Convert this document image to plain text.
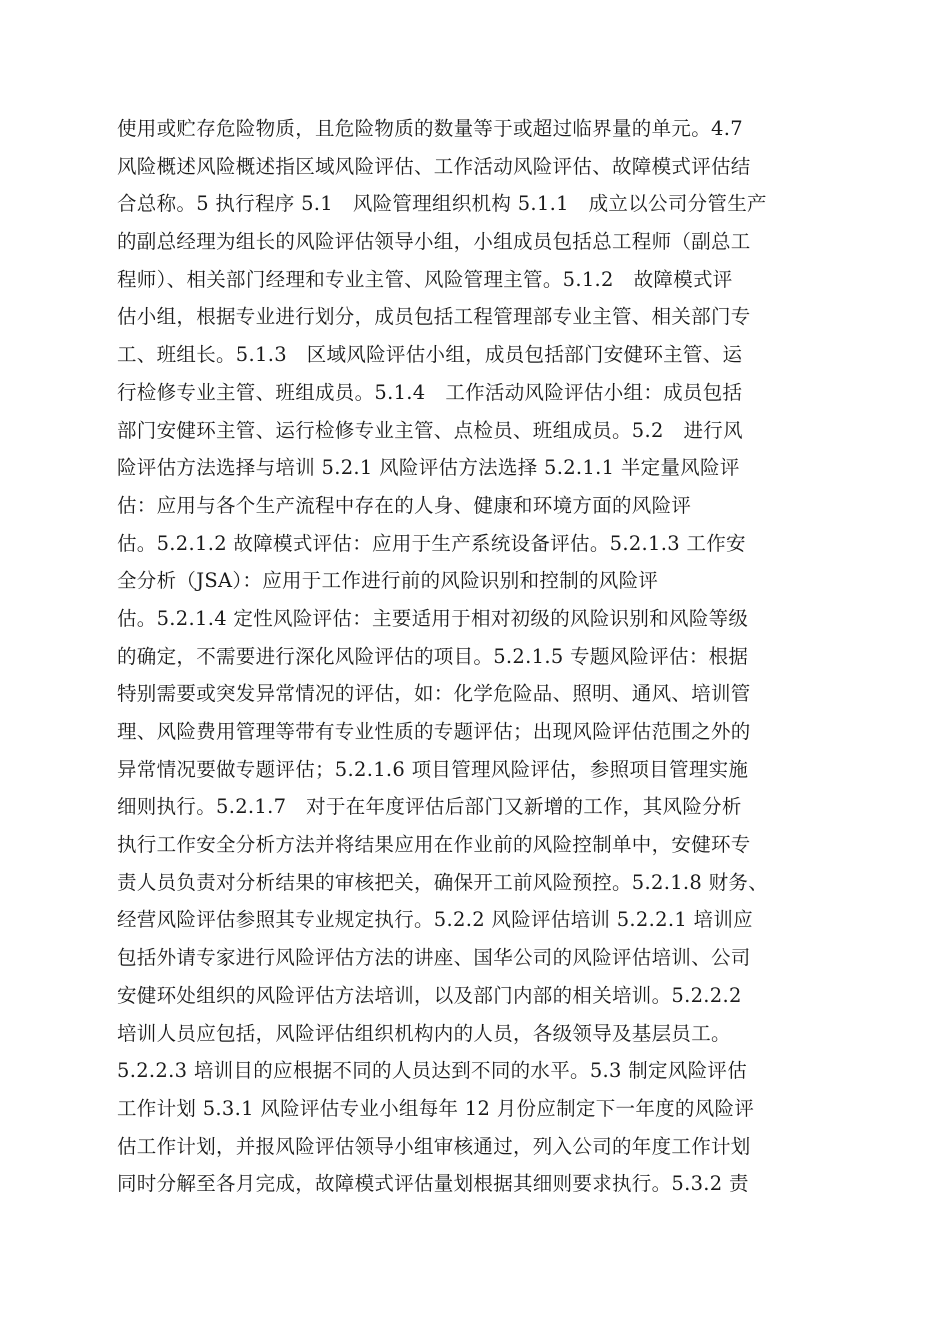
使用或贮存危险物质，且危险物质的数量等于或超过临界量的单元。4.7
风险概述风险概述指区域风险评估、工作活动风险评估、故障模式评估结
合总称。5 执行程序 5.1　风险管理组织机构 5.1.1　成立以公司分管生产
的副总经理为组长的风险评估领导小组，小组成员包括总工程师（副总工
程师）、相关部门经理和专业主管、风险管理主管。5.1.2　故障模式评
估小组，根据专业进行划分，成员包括工程管理部专业主管、相关部门专
工、班组长。5.1.3　区域风险评估小组，成员包括部门安健环主管、运
行检修专业主管、班组成员。5.1.4　工作活动风险评估小组：成员包括
部门安健环主管、运行检修专业主管、点检员、班组成员。5.2　进行风
险评估方法选择与培训 5.2.1 风险评估方法选择 5.2.1.1 半定量风险评
估：应用与各个生产流程中存在的人身、健康和环境方面的风险评
估。5.2.1.2 故障模式评估：应用于生产系统设备评估。5.2.1.3 工作安
全分析（JSA）：应用于工作进行前的风险识别和控制的风险评
估。5.2.1.4 定性风险评估：主要适用于相对初级的风险识别和风险等级
的确定，不需要进行深化风险评估的项目。5.2.1.5 专题风险评估：根据
特别需要或突发异常情况的评估，如：化学危险品、照明、通风、培训管
理、风险费用管理等带有专业性质的专题评估；出现风险评估范围之外的
异常情况要做专题评估；5.2.1.6 项目管理风险评估，参照项目管理实施
细则执行。5.2.1.7　对于在年度评估后部门又新增的工作，其风险分析
执行工作安全分析方法并将结果应用在作业前的风险控制单中，安健环专
责人员负责对分析结果的审核把关，确保开工前风险预控。5.2.1.8 财务、
经营风险评估参照其专业规定执行。5.2.2 风险评估培训 5.2.2.1 培训应
包括外请专家进行风险评估方法的讲座、国华公司的风险评估培训、公司
安健环处组织的风险评估方法培训，以及部门内部的相关培训。5.2.2.2
培训人员应包括，风险评估组织机构内的人员，各级领导及基层员工。
5.2.2.3 培训目的应根据不同的人员达到不同的水平。5.3 制定风险评估
工作计划 5.3.1 风险评估专业小组每年 12 月份应制定下一年度的风险评
估工作计划，并报风险评估领导小组审核通过，列入公司的年度工作计划
同时分解至各月完成，故障模式评估量划根据其细则要求执行。5.3.2 责
